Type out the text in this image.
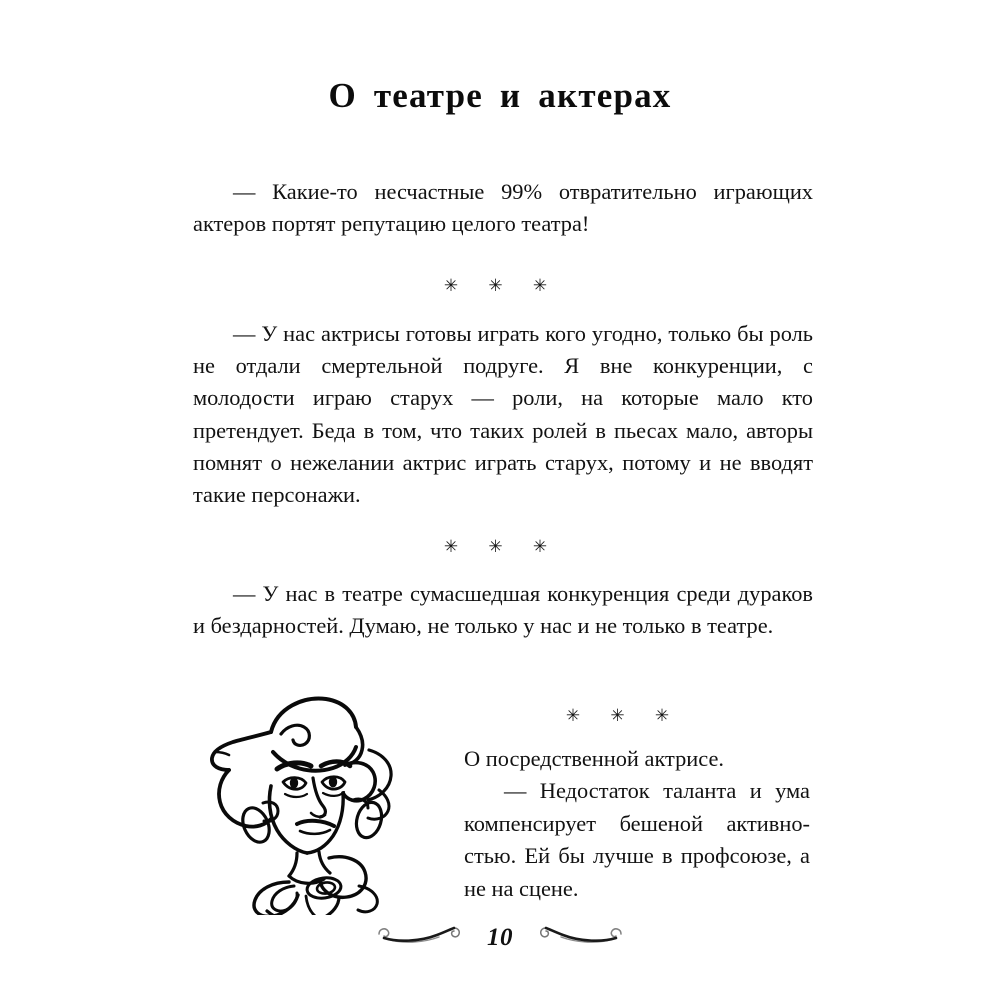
О театре и актерах

— Какие-то несчастные 99% отвратительно играющих актеров портят репутацию целого театра!

✳ ✳ ✳

— У нас актрисы готовы играть кого угодно, только бы роль не отдали смертельной подруге. Я вне конкуренции, с молодости играю старух — роли, на которые мало кто претендует. Беда в том, что таких ролей в пьесах мало, авторы помнят о нежелании актрис играть старух, потому и не вводят такие персонажи.

✳ ✳ ✳

— У нас в театре сумасшедшая конкуренция среди дураков и бездарностей. Думаю, не только у нас и не только в театре.

✳ ✳ ✳

О посредственной актрисе.

— Недостаток таланта и ума компенсирует бешеной активностью. Ей бы лучше в профсоюзе, а не на сцене.

10
